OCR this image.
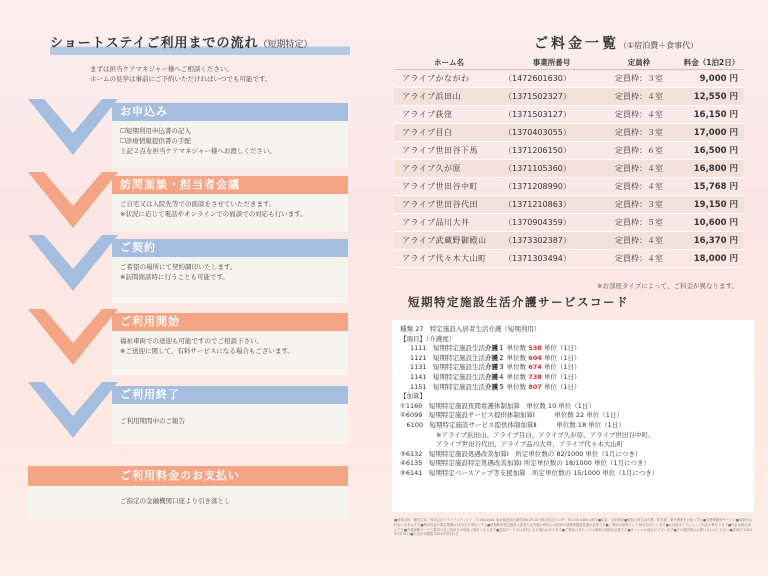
ショートステイご利用までの流れ（短期特定）
まずは担当ケアマネジャー様へご相談ください。
ホームの見学は事前にご予約いただければいつでも可能です。
お申込み
☐短期利用申込書の記入
☐診療情報提供書の手配
上記２点を担当ケアマネジャー様へお渡しください。
訪問面談・担当者会議
ご自宅又は入院先等での面談をさせていただきます。
※状況に応じて電話やオンラインでの面談での対応も行います。
ご契約
ご希望の場所にて契約調印いたします。
※訪問面談時に行うことも可能です。
ご利用開始
福祉車両での送迎も可能ですのでご相談下さい。
※ご送迎に関して、有料サービスになる場合もございます。
ご利用終了
ご利用期間中のご報告
ご利用料金のお支払い
ご指定の金融機関口座より引き落とし
ご料金一覧（①宿泊費＋食事代）
ホーム名	事業所番号	定員枠	料金（1泊2日）
アライブかながわ	（1472601630）	定員枠：３室	9,000 円
アライブ浜田山	（1371502327）	定員枠：４室	12,550 円
アライブ荻窪	（1371503127）	定員枠：４室	16,150 円
アライブ目白	（1370403055）	定員枠：３室	17,000 円
アライブ世田谷下馬	（1371206150）	定員枠：６室	16,500 円
アライブ久が原	（1371105360）	定員枠：４室	16,800 円
アライブ世田谷中町	（1371208990）	定員枠：４室	15,768 円
アライブ世田谷代田	（1371210863）	定員枠：３室	19,150 円
アライブ品川大井	（1370904359）	定員枠：５室	10,600 円
アライブ武蔵野御殿山	（1373302387）	定員枠：４室	16,370 円
アライブ代々木大山町	（1371303494）	定員枠：４室	18,000 円
※お部屋タイプによって、ご料金が異なります。
短期特定施設生活介護サービスコード
種類 27　特定施設入居者生活介護（短期利用）
【項目】（介護度）
1111　 短期特定施設生活介護１ 単位数 538 単位（1日）
1121　 短期特定施設生活介護２ 単位数 604 単位（1日）
1131　 短期特定施設生活介護３ 単位数 674 単位（1日）
1141　 短期特定施設生活介護４ 単位数 738 単位（1日）
1151　 短期特定施設生活介護５ 単位数 807 単位（1日）
【加算】
①1160　短期特定施設夜間看護体制加算　単位数 10 単位（1日）
②6099　短期特定施設サービス提供体制加算Ⅰ　　　単位数 22 単位（1日）
　6100　短期特定施設サービス提供体制加算Ⅱ　　　単位数 18 単位（1日）
※アライブ浜田山、アライブ目白、アライブ久が原、アライブ世田谷中町、
アライブ世田谷代田、アライブ品川大井、アライブ代々木大山町
③6132　短期特定施設処遇改善加算Ⅰ　所定単位数の 82/1000 単位（1月につき）
④6135　短期特定施設特定処遇改善加算Ⅰ 所定単位数の 18/1000 単位（1月につき）
⑤6141　短期特定ベースアップ等支援加算　所定単位数の 15/1000 単位（1月につき）
■事業名称・運営主体／株式会社アライブメディケア（〒150-0001 東京都渋谷区神宮前6-19-20 第15荒井ビル7F）TEL:03-5485-3871■居室／全室個室■短期入所生活介護／要支援・要介護者を対象とする■介護保険外サービス■食事代は料金に含まれます■利用料金の算定期間は1泊2日を単位とする■短期利用特定施設入居者生活介護の利用には医師の診療情報提供書が必要です■ご利用は原則として30日以内とします■お部屋タイプによって料金が異なります■料金は税込表示です■介護保険サービス費用の自己負担分は別途ご請求となります■送迎サービスは有料となる場合があります■ご利用にあたっては事前の面談が必要です■キャンセル規定がございます■その他詳細はお問い合わせください■作成日 2024年3月31日■広告有効期限 2025年3月31日
